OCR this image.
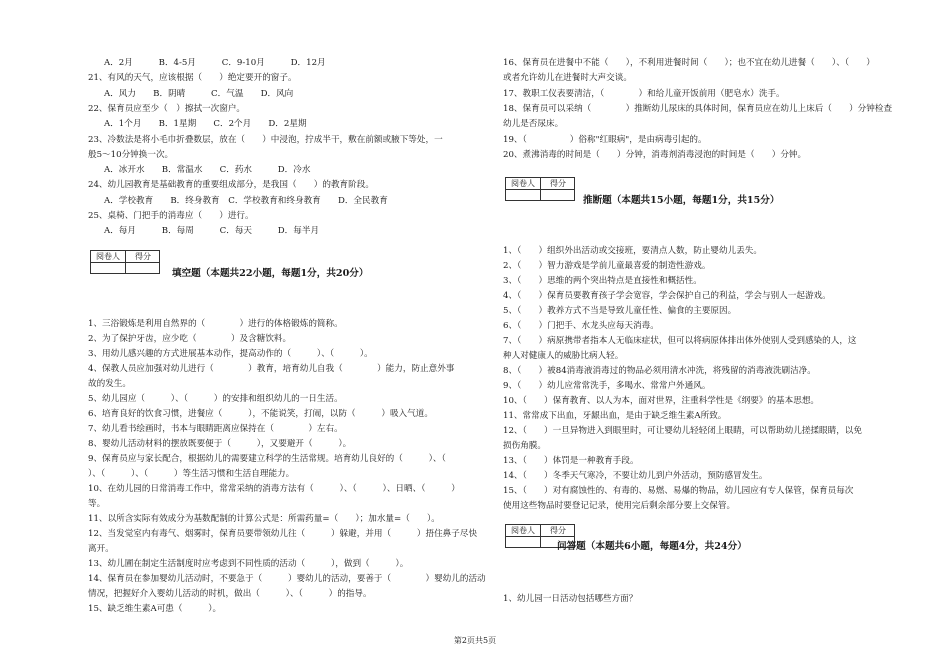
A．2月　　　B．4-5月　　　C．9-10月　　　D．12月
21、有风的天气，应该根据（　　）绝定要开的窗子。
A．风力　　B．阴晴　　　C．气温　　D．风向
22、保育员应至少（　）擦拭一次窗户。
A．1个月　　B．1星期　　C．2个月　　D．2星期
23、冷数法是将小毛巾折叠数层，放在（　　）中浸泡，拧成半干，敷在前额或腋下等处，一
般5～10分钟换一次。
A．冰开水　　B．常温水　　C．药水　　　D．冷水
24、幼儿园教育是基础教育的重要组成部分，是我国（　　）的教育阶段。
A．学校教育　　B．终身教育　C．学校教育和终身教育　　D．全民教育
25、桌椅、门把手的消毒应（　　）进行。
A．每月　　　B．每周　　　C．每天　　　D．每半月
阅卷人	得分
填空题（本题共22小题，每题1分，共20分）
1、三浴锻炼是利用自然界的（　　　　）进行的体格锻炼的简称。
2、为了保护牙齿，应少吃（　　　　）及含糖饮料。
3、用幼儿感兴趣的方式进展基本动作，提高动作的（　　　）、（　　　）。
4、保教人员应加强对幼儿进行（　　　　）教育，培育幼儿自我（　　　　）能力，防止意外事
故的发生。
5、幼儿园应（　　　）、（　　　）的安排和组织幼儿的一日生活。
6、培育良好的饮食习惯，进餐应（　　　），不能说笑，打闹，以防（　　　）吸入气道。
7、幼儿看书绘画时，书本与眼睛距离应保持在（　　　　）左右。
8、婴幼儿活动材料的摆放既要便于（　　　），又要避开（　　　）。
9、保育员应与家长配合，根据幼儿的需要建立科学的生活常规。培育幼儿良好的（　　　）、（
）、（　　　）、（　　　）等生活习惯和生活自理能力。
10、在幼儿园的日常消毒工作中，常常采纳的消毒方法有（　　　）、（　　　）、日晒、（　　　）
等。
11、以所含实际有效成分为基数配制的计算公式是：所需药量=（　　）；加水量=（　　）。
12、当发觉室内有毒气、烟雾时，保育员要带领幼儿往（　　　）躲避，并用（　　　）捂住鼻子尽快
离开。
13、幼儿圃在制定生活制度时应考虑到不同性质的活动（　　　），做到（　　　）。
14、保育员在参加婴幼儿活动时，不要急于（　　　）婴幼儿的活动，要善于（　　　　）婴幼儿的活动
情况，把握好介入婴幼儿活动的时机，做出（　　　）、（　　　）的指导。
15、缺乏维生素A可患（　　　）。
16、保育员在进餐中不能（　　），不利用进餐时间（　　）；也不宜在幼儿进餐（　　）、（　　）
或者允许幼儿在进餐时大声交谈。
17、教职工仪表要清洁，（　　　　）和给儿童开饭前用（肥皂水）洗手。
18、保育员可以采纳（　　　　）推断幼儿尿床的具体时间，保育员应在幼儿上床后（　　）分钟检查
幼儿是否尿床。
19、（　　　　　）俗称"红眼病"，是由病毒引起的。
20、煮沸消毒的时间是（　　）分钟，消毒剂消毒浸泡的时间是（　　）分钟。
阅卷人	得分
推断题（本题共15小题，每题1分，共15分）
1、（　　）组织外出活动或交接班，要清点人数，防止婴幼儿丢失。
2、（　　）智力游戏是学前儿童最喜爱的制造性游戏。
3、（　　）思维的两个突出特点是直接性和概括性。
4、（　　）保育员要教育孩子学会宽容，学会保护自己的利益，学会与别人一起游戏。
5、（　　）教养方式不当是导致儿童任性、偏食的主要原因。
6、（　　）门把手、水龙头应每天消毒。
7、（　　）病原携带者指本人无临床症状，但可以将病原体排出体外使别人受到感染的人，这
种人对健康人的威胁比病人轻。
8、（　　）被84消毒液消毒过的物品必须用清水冲洗，将残留的消毒液洗刷洁净。
9、（　　）幼儿应常常洗手，多喝水、常常户外通风。
10、（　　）保育教育、以人为本，面对世界，注重科学性是《纲要》的基本思想。
11、常常成下出血，牙龈出血，是由于缺乏维生素A所致。
12、（　　）一旦异物进入到眼里时，可让婴幼儿轻轻闭上眼睛，可以帮助幼儿搓揉眼睛，以免
损伤角膜。
13、（　　）体罚是一种教育手段。
14、（　　）冬季天气寒冷，不要让幼儿到户外活动，预防感冒发生。
15、（　　）对有腐蚀性的、有毒的、易燃、易爆的物品，幼儿园应有专人保管，保育员每次
使用这些物品时要登记记录，使用完后剩余部分要上交保管。
阅卷人	得分
问答题（本题共6小题，每题4分，共24分）
1、幼儿园一日活动包括哪些方面？
第2页共5页
